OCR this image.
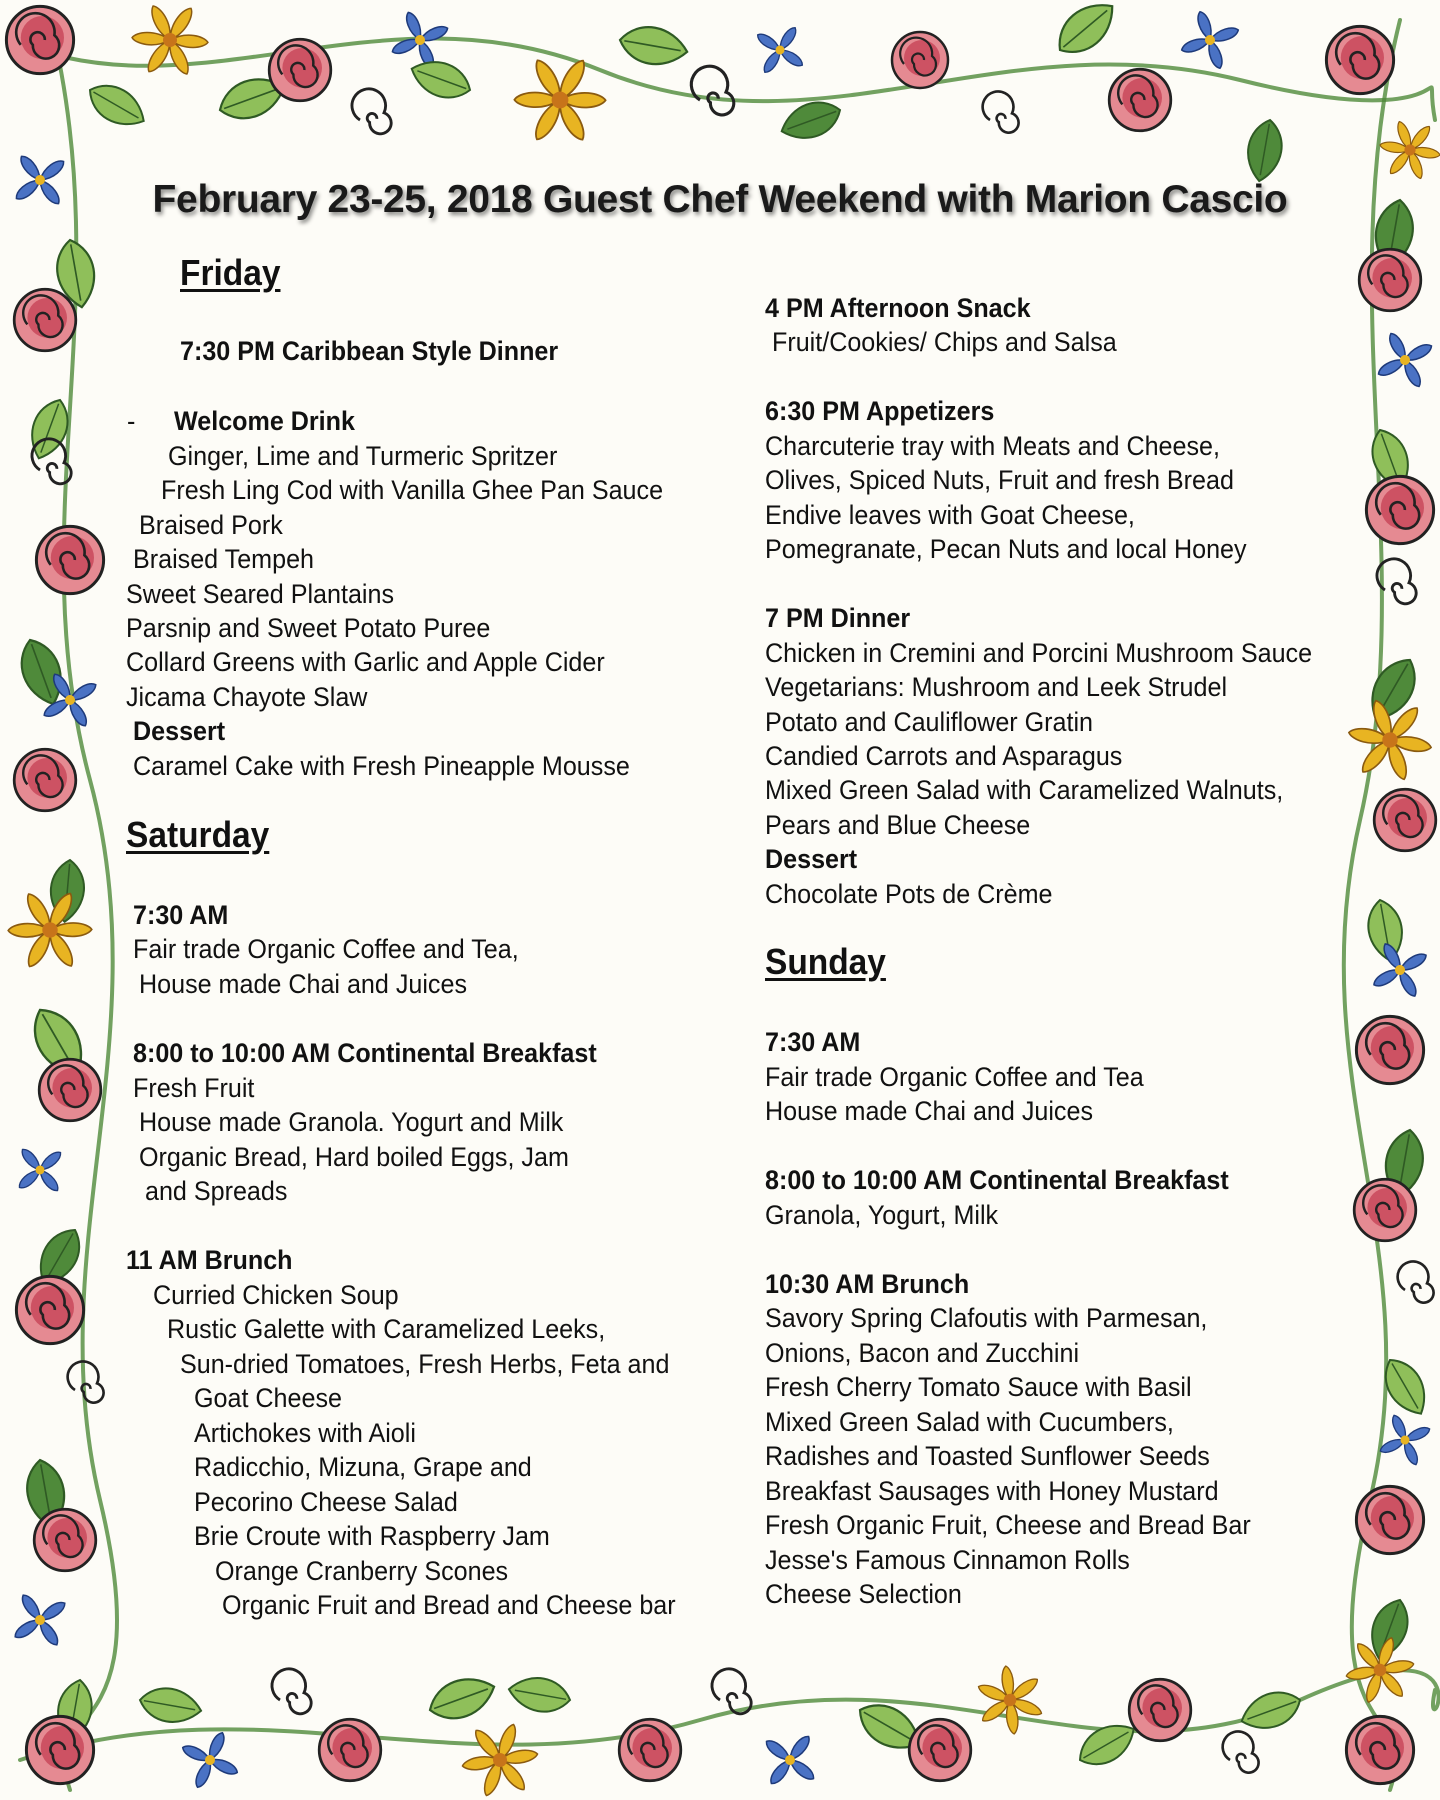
February 23-25, 2018 Guest Chef Weekend with Marion Cascio
Friday
7:30 PM Caribbean Style Dinner
- Welcome Drink
Ginger, Lime and Turmeric Spritzer
Fresh Ling Cod with Vanilla Ghee Pan Sauce
Braised Pork
Braised Tempeh
Sweet Seared Plantains
Parsnip and Sweet Potato Puree
Collard Greens with Garlic and Apple Cider
Jicama Chayote Slaw
Dessert
Caramel Cake with Fresh Pineapple Mousse
Saturday
7:30 AM
Fair trade Organic Coffee and Tea,
House made Chai and Juices
8:00 to 10:00 AM Continental Breakfast
Fresh Fruit
House made Granola. Yogurt and Milk
Organic Bread, Hard boiled Eggs, Jam
and Spreads
11 AM Brunch
Curried Chicken Soup
Rustic Galette with Caramelized Leeks,
Sun-dried Tomatoes, Fresh Herbs, Feta and
Goat Cheese
Artichokes with Aioli
Radicchio, Mizuna, Grape and
Pecorino Cheese Salad
Brie Croute with Raspberry Jam
Orange Cranberry Scones
Organic Fruit and Bread and Cheese bar
4 PM Afternoon Snack
Fruit/Cookies/ Chips and Salsa
6:30 PM Appetizers
Charcuterie tray with Meats and Cheese,
Olives, Spiced Nuts, Fruit and fresh Bread
Endive leaves with Goat Cheese,
Pomegranate, Pecan Nuts and local Honey
7 PM Dinner
Chicken in Cremini and Porcini Mushroom Sauce
Vegetarians: Mushroom and Leek Strudel
Potato and Cauliflower Gratin
Candied Carrots and Asparagus
Mixed Green Salad with Caramelized Walnuts,
Pears and Blue Cheese
Dessert
Chocolate Pots de Crème
Sunday
7:30 AM
Fair trade Organic Coffee and Tea
House made Chai and Juices
8:00 to 10:00 AM Continental Breakfast
Granola, Yogurt, Milk
10:30 AM Brunch
Savory Spring Clafoutis with Parmesan,
Onions, Bacon and Zucchini
Fresh Cherry Tomato Sauce with Basil
Mixed Green Salad with Cucumbers,
Radishes and Toasted Sunflower Seeds
Breakfast Sausages with Honey Mustard
Fresh Organic Fruit, Cheese and Bread Bar
Jesse's Famous Cinnamon Rolls
Cheese Selection
